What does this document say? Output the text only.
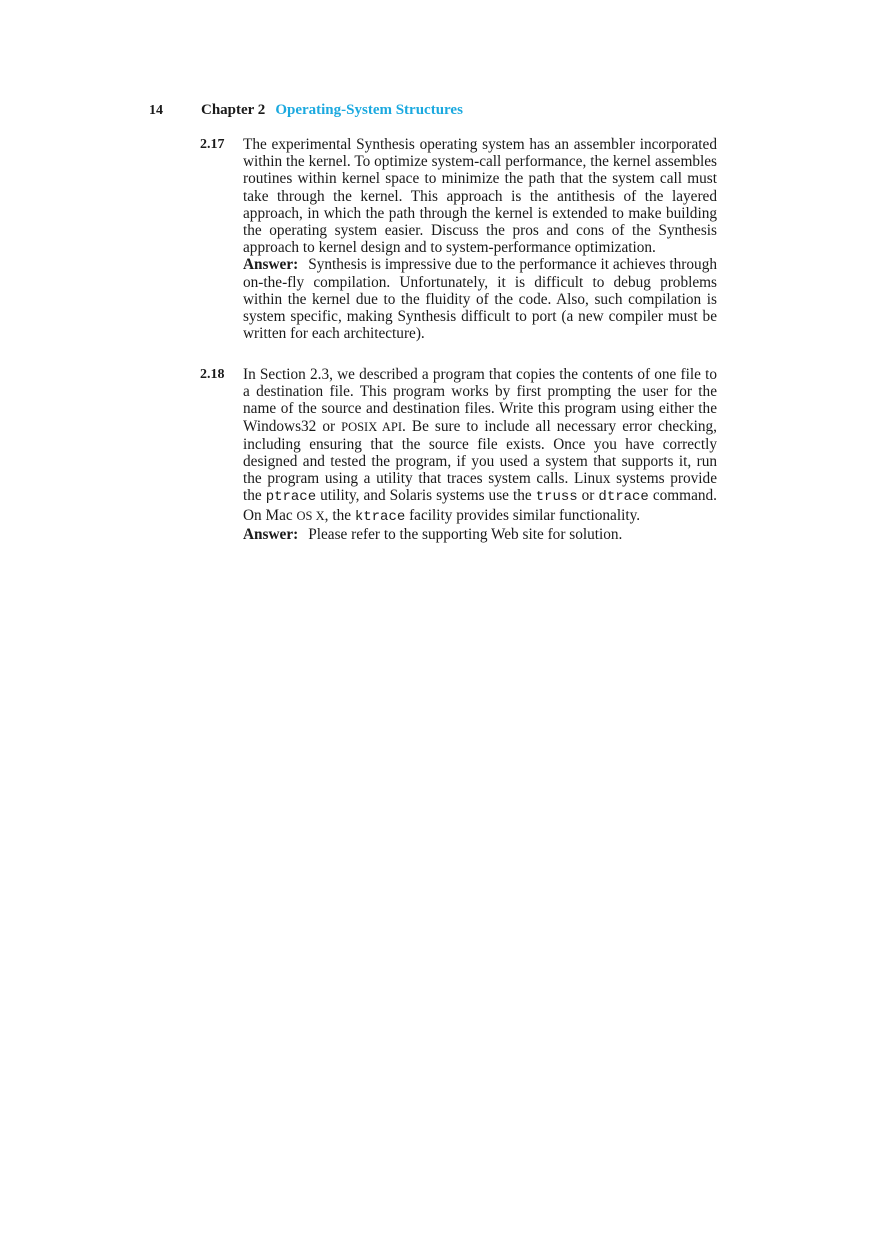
14	Chapter 2 Operating-System Structures
2.17 The experimental Synthesis operating system has an assembler incorporated within the kernel. To optimize system-call performance, the kernel assembles routines within kernel space to minimize the path that the system call must take through the kernel. This approach is the antithesis of the layered approach, in which the path through the kernel is extended to make building the operating system easier. Discuss the pros and cons of the Synthesis approach to kernel design and to system-performance optimization.

Answer: Synthesis is impressive due to the performance it achieves through on-the-fly compilation. Unfortunately, it is difficult to debug problems within the kernel due to the fluidity of the code. Also, such compilation is system specific, making Synthesis difficult to port (a new compiler must be written for each architecture).

2.18 In Section 2.3, we described a program that copies the contents of one file to a destination file. This program works by first prompting the user for the name of the source and destination files. Write this program using either the Windows32 or POSIX API. Be sure to include all necessary error checking, including ensuring that the source file exists. Once you have correctly designed and tested the program, if you used a system that supports it, run the program using a utility that traces system calls. Linux systems provide the ptrace utility, and Solaris systems use the truss or dtrace command. On Mac OS X, the ktrace facility provides similar functionality.

Answer: Please refer to the supporting Web site for solution.
